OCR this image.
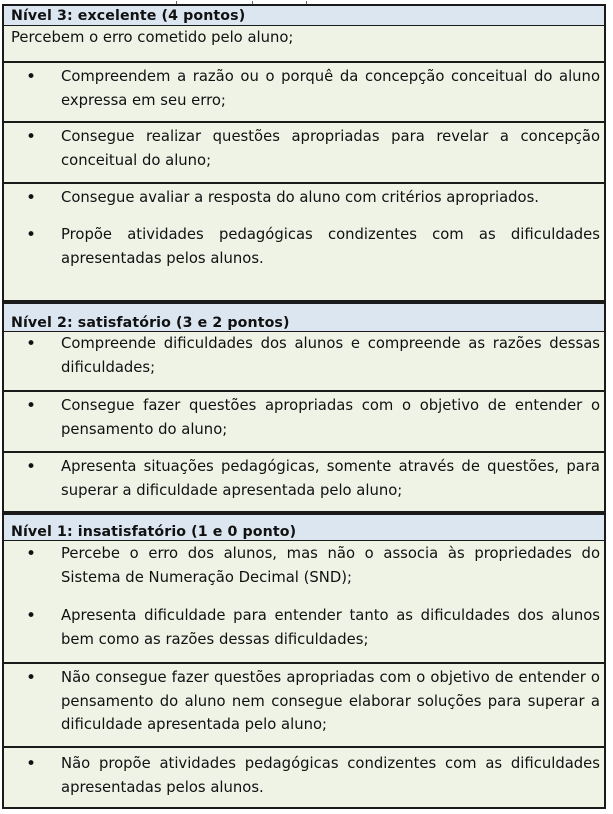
Nível 3: excelente (4 pontos)
Percebem o erro cometido pelo aluno;
• Compreendem a razão ou o porquê da concepção conceitual do aluno expressa em seu erro;
• Consegue realizar questões apropriadas para revelar a concepção conceitual do aluno;
• Consegue avaliar a resposta do aluno com critérios apropriados.
• Propõe atividades pedagógicas condizentes com as dificuldades apresentadas pelos alunos.
Nível 2: satisfatório (3 e 2 pontos)
• Compreende dificuldades dos alunos e compreende as razões dessas dificuldades;
• Consegue fazer questões apropriadas com o objetivo de entender o pensamento do aluno;
• Apresenta situações pedagógicas, somente através de questões, para superar a dificuldade apresentada pelo aluno;
Nível 1: insatisfatório (1 e 0 ponto)
• Percebe o erro dos alunos, mas não o associa às propriedades do Sistema de Numeração Decimal (SND);
• Apresenta dificuldade para entender tanto as dificuldades dos alunos bem como as razões dessas dificuldades;
• Não consegue fazer questões apropriadas com o objetivo de entender o pensamento do aluno nem consegue elaborar soluções para superar a dificuldade apresentada pelo aluno;
• Não propõe atividades pedagógicas condizentes com as dificuldades apresentadas pelos alunos.
